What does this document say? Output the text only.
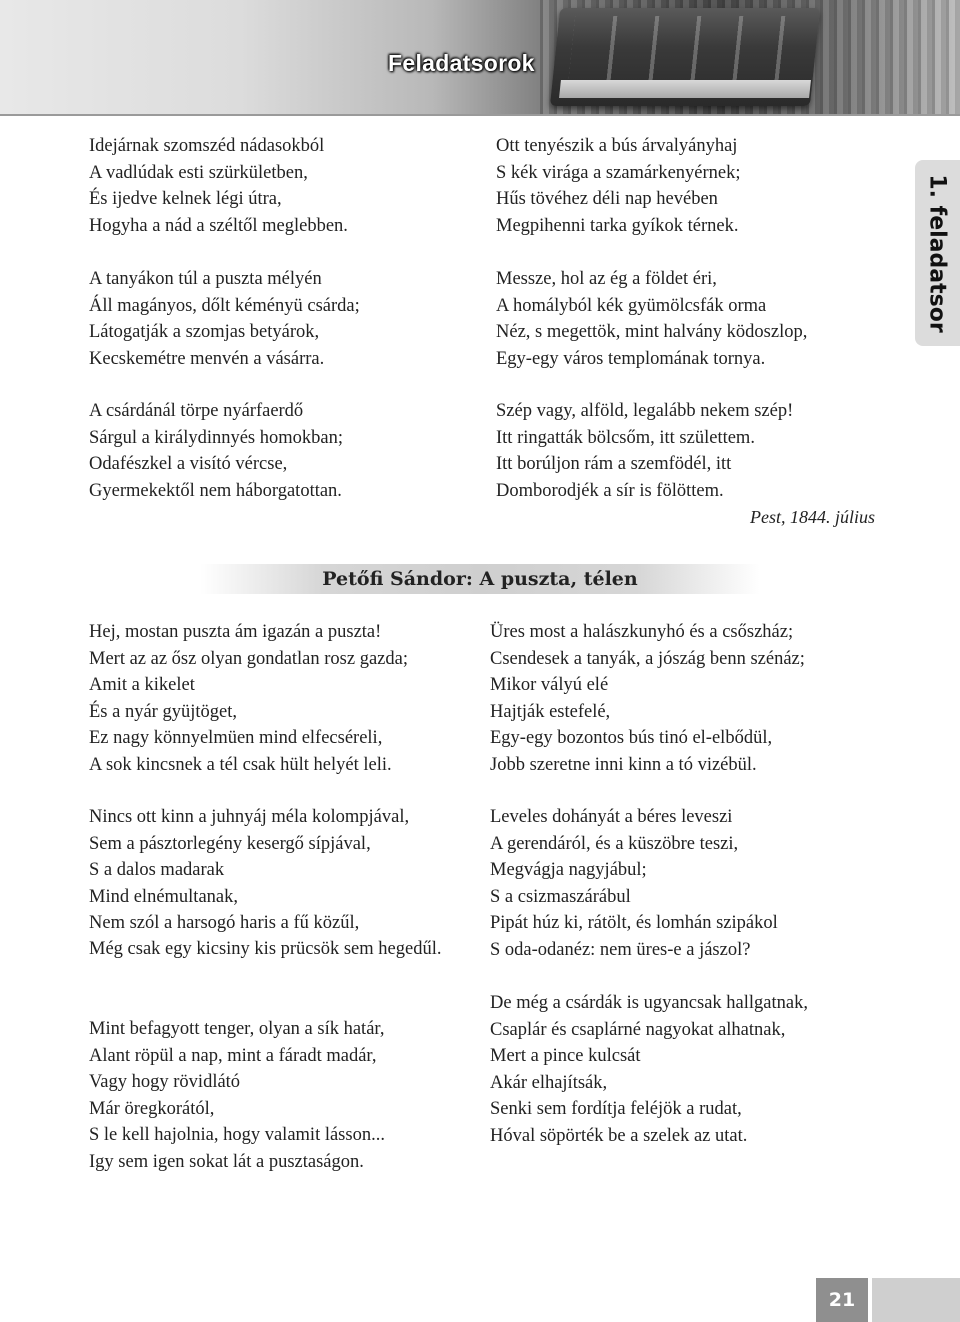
Feladatsorok
1. feladatsor
Idejárnak szomszéd nádasokból
A vadlúdak esti szürkületben,
És ijedve kelnek légi útra,
Hogyha a nád a széltől meglebben.
A tanyákon túl a puszta mélyén
Áll magányos, dőlt kéményü csárda;
Látogatják a szomjas betyárok,
Kecskemétre menvén a vásárra.
A csárdánál törpe nyárfaerdő
Sárgul a királydinnyés homokban;
Odafészkel a visító vércse,
Gyermekektől nem háborgatottan.
Ott tenyészik a bús árvalyányhaj
S kék virága a szamárkenyérnek;
Hűs tövéhez déli nap hevében
Megpihenni tarka gyíkok térnek.
Messze, hol az ég a földet éri,
A homályból kék gyümölcsfák orma
Néz, s megettök, mint halvány ködoszlop,
Egy-egy város templomának tornya.
Szép vagy, alföld, legalább nekem szép!
Itt ringatták bölcsőm, itt születtem.
Itt borúljon rám a szemfödél, itt
Domborodjék a sír is fölöttem.
Pest, 1844. július
Petőfi Sándor: A puszta, télen
Hej, mostan puszta ám igazán a puszta!
Mert az az ősz olyan gondatlan rosz gazda;
Amit a kikelet
És a nyár gyüjtöget,
Ez nagy könnyelmüen mind elfecséreli,
A sok kincsnek a tél csak hült helyét leli.
Nincs ott kinn a juhnyáj méla kolompjával,
Sem a pásztorlegény kesergő sípjával,
S a dalos madarak
Mind elnémultanak,
Nem szól a harsogó haris a fű közűl,
Még csak egy kicsiny kis prücsök sem hegedűl.
Mint befagyott tenger, olyan a sík határ,
Alant röpül a nap, mint a fáradt madár,
Vagy hogy rövidlátó
Már öregkorától,
S le kell hajolnia, hogy valamit lásson...
Igy sem igen sokat lát a pusztaságon.
Üres most a halászkunyhó és a csőszház;
Csendesek a tanyák, a jószág benn szénáz;
Mikor vályú elé
Hajtják estefelé,
Egy-egy bozontos bús tinó el-elbődül,
Jobb szeretne inni kinn a tó vizébül.
Leveles dohányát a béres leveszi
A gerendáról, és a küszöbre teszi,
Megvágja nagyjábul;
S a csizmaszárábul
Pipát húz ki, rátölt, és lomhán szipákol
S oda-odanéz: nem üres-e a jászol?
De még a csárdák is ugyancsak hallgatnak,
Csaplár és csaplárné nagyokat alhatnak,
Mert a pince kulcsát
Akár elhajítsák,
Senki sem fordítja feléjök a rudat,
Hóval söpörték be a szelek az utat.
21
